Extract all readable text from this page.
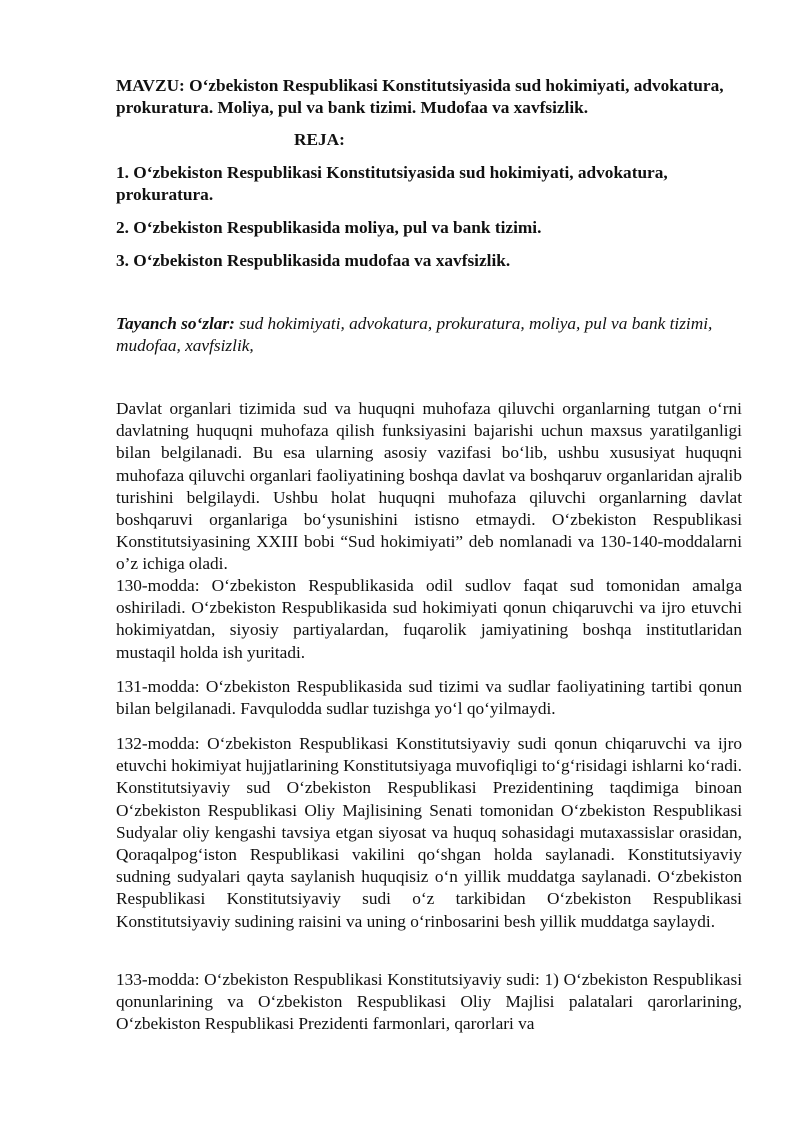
MAVZU: O‘zbekiston Respublikasi Konstitutsiyasida sud hokimiyati, advokatura, prokuratura. Moliya, pul va bank tizimi. Mudofaa va xavfsizlik.

REJA:

1. O‘zbekiston Respublikasi Konstitutsiyasida sud hokimiyati, advokatura, prokuratura.

2. O‘zbekiston Respublikasida moliya, pul va bank tizimi.

3. O‘zbekiston Respublikasida mudofaa va xavfsizlik.

Tayanch so‘zlar: sud hokimiyati, advokatura, prokuratura, moliya, pul va bank tizimi, mudofaa, xavfsizlik,

Davlat organlari tizimida sud va huquqni muhofaza qiluvchi organlarning tutgan o‘rni davlatning huquqni muhofaza qilish funksiyasini bajarishi uchun maxsus yaratilganligi bilan belgilanadi. Bu esa ularning asosiy vazifasi bo‘lib, ushbu xususiyat huquqni muhofaza qiluvchi organlari faoliyatining boshqa davlat va boshqaruv organlaridan ajralib turishini belgilaydi. Ushbu holat huquqni muhofaza qiluvchi organlarning davlat boshqaruvi organlariga bo‘ysunishini istisno etmaydi. O‘zbekiston Respublikasi Konstitutsiyasining XXIII bobi “Sud hokimiyati” deb nomlanadi va 130-140-moddalarni o’z ichiga oladi.

130-modda: O‘zbekiston Respublikasida odil sudlov faqat sud tomonidan amalga oshiriladi. O‘zbekiston Respublikasida sud hokimiyati qonun chiqaruvchi va ijro etuvchi hokimiyatdan, siyosiy partiyalardan, fuqarolik jamiyatining boshqa institutlaridan mustaqil holda ish yuritadi.

131-modda: O‘zbekiston Respublikasida sud tizimi va sudlar faoliyatining tartibi qonun bilan belgilanadi. Favqulodda sudlar tuzishga yo‘l qo‘yilmaydi.

132-modda: O‘zbekiston Respublikasi Konstitutsiyaviy sudi qonun chiqaruvchi va ijro etuvchi hokimiyat hujjatlarining Konstitutsiyaga muvofiqligi to‘g‘risidagi ishlarni ko‘radi. Konstitutsiyaviy sud O‘zbekiston Respublikasi Prezidentining taqdimiga binoan O‘zbekiston Respublikasi Oliy Majlisining Senati tomonidan O‘zbekiston Respublikasi Sudyalar oliy kengashi tavsiya etgan siyosat va huquq sohasidagi mutaxassislar orasidan, Qoraqalpog‘iston Respublikasi vakilini qo‘shgan holda saylanadi. Konstitutsiyaviy sudning sudyalari qayta saylanish huquqisiz o‘n yillik muddatga saylanadi. O‘zbekiston Respublikasi Konstitutsiyaviy sudi o‘z tarkibidan O‘zbekiston Respublikasi Konstitutsiyaviy sudining raisini va uning o‘rinbosarini besh yillik muddatga saylaydi.

133-modda: O‘zbekiston Respublikasi Konstitutsiyaviy sudi: 1) O‘zbekiston Respublikasi qonunlarining va O‘zbekiston Respublikasi Oliy Majlisi palatalari qarorlarining, O‘zbekiston Respublikasi Prezidenti farmonlari, qarorlari va
